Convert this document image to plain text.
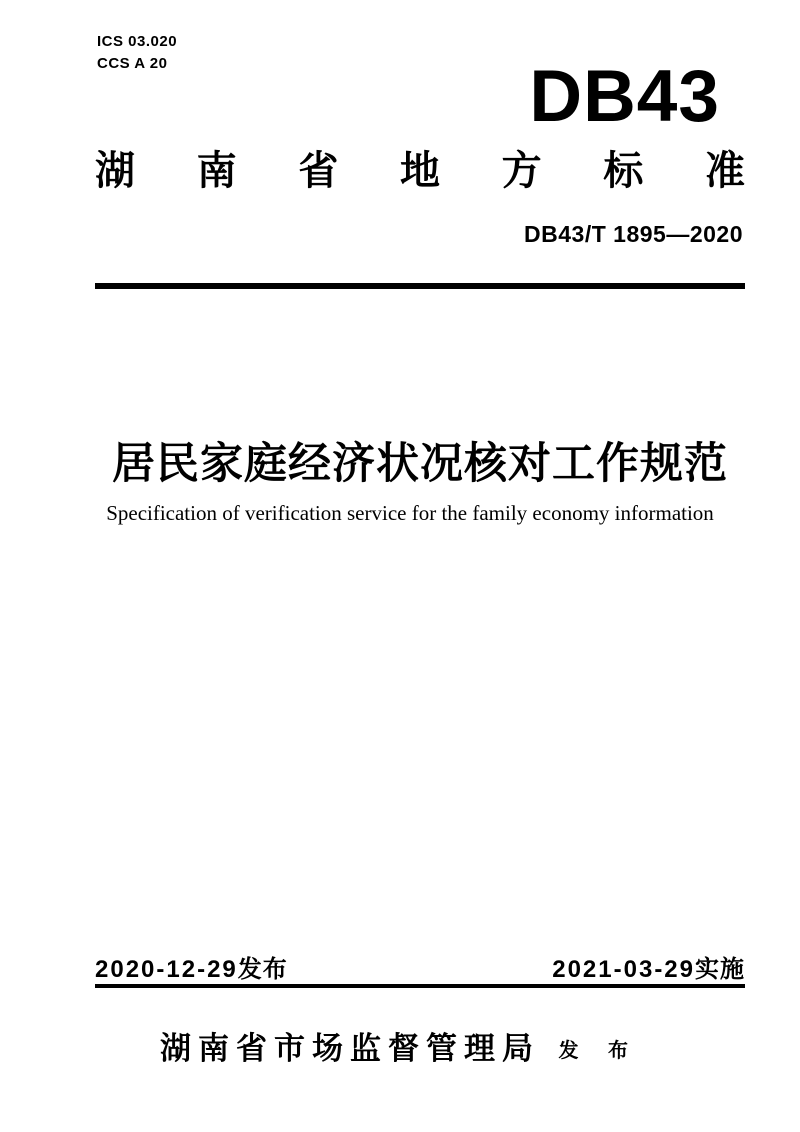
ICS 03.020
CCS A 20	DB43
湖南省地方标准
DB43/T 1895—2020
居民家庭经济状况核对工作规范
Specification of verification service for the family economy information
2020-12-29 发布	2021-03-29 实施
湖南省市场监督管理局 发 布
